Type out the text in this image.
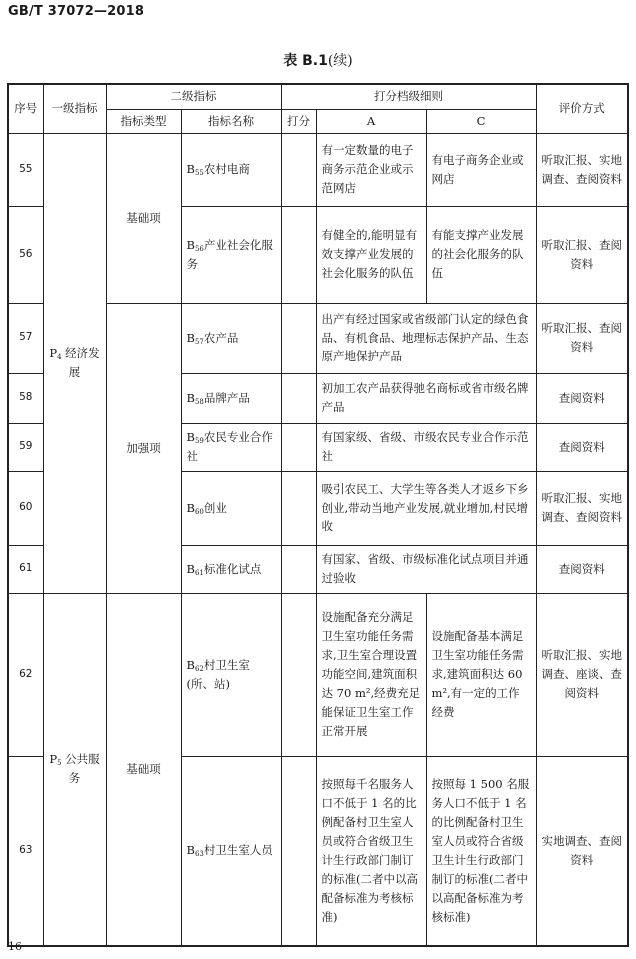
GB/T 37072—2018
表 B.1(续)
序号	一级指标	二级指标		打分档级细则			评价方式
		指标类型	指标名称	打分	A	C	
55	$P_4$ 经济发展	基础项	$B_{55}$农村电商		有一定数量的电子商务示范企业或示范网店	有电子商务企业或网店	听取汇报、实地调查、查阅资料
56			$B_{56}$产业社会化服务		有健全的,能明显有效支撑产业发展的社会化服务的队伍	有能支撑产业发展的社会化服务的队伍	听取汇报、查阅资料
57		加强项	$B_{57}$农产品		出产有经过国家或省级部门认定的绿色食品、有机食品、地理标志保护产品、生态原产地保护产品		听取汇报、查阅资料
58			$B_{58}$品牌产品		初加工农产品获得驰名商标或省市级名牌产品		查阅资料
59			$B_{59}$农民专业合作社		有国家级、省级、市级农民专业合作示范社		查阅资料
60			$B_{60}$创业		吸引农民工、大学生等各类人才返乡下乡创业,带动当地产业发展,就业增加,村民增收		听取汇报、实地调查、查阅资料
61			$B_{61}$标准化试点		有国家、省级、市级标准化试点项目并通过验收		查阅资料
62	$P_5$ 公共服务	基础项	$B_{62}$村卫生室(所、站)		设施配备充分满足卫生室功能任务需求,卫生室合理设置功能空间,建筑面积达 70 m²,经费充足能保证卫生室工作正常开展	设施配备基本满足卫生室功能任务需求,建筑面积达 60 m²,有一定的工作经费	听取汇报、实地调查、座谈、查阅资料
63			$B_{63}$村卫生室人员		按照每千名服务人口不低于 1 名的比例配备村卫生室人员或符合省级卫生计生行政部门制订的标准(二者中以高配备标准为考核标准)	按照每 1 500 名服务人口不低于 1 名的比例配备村卫生室人员或符合省级卫生计生行政部门制订的标准(二者中以高配备标准为考核标准)	实地调查、查阅资料
16
